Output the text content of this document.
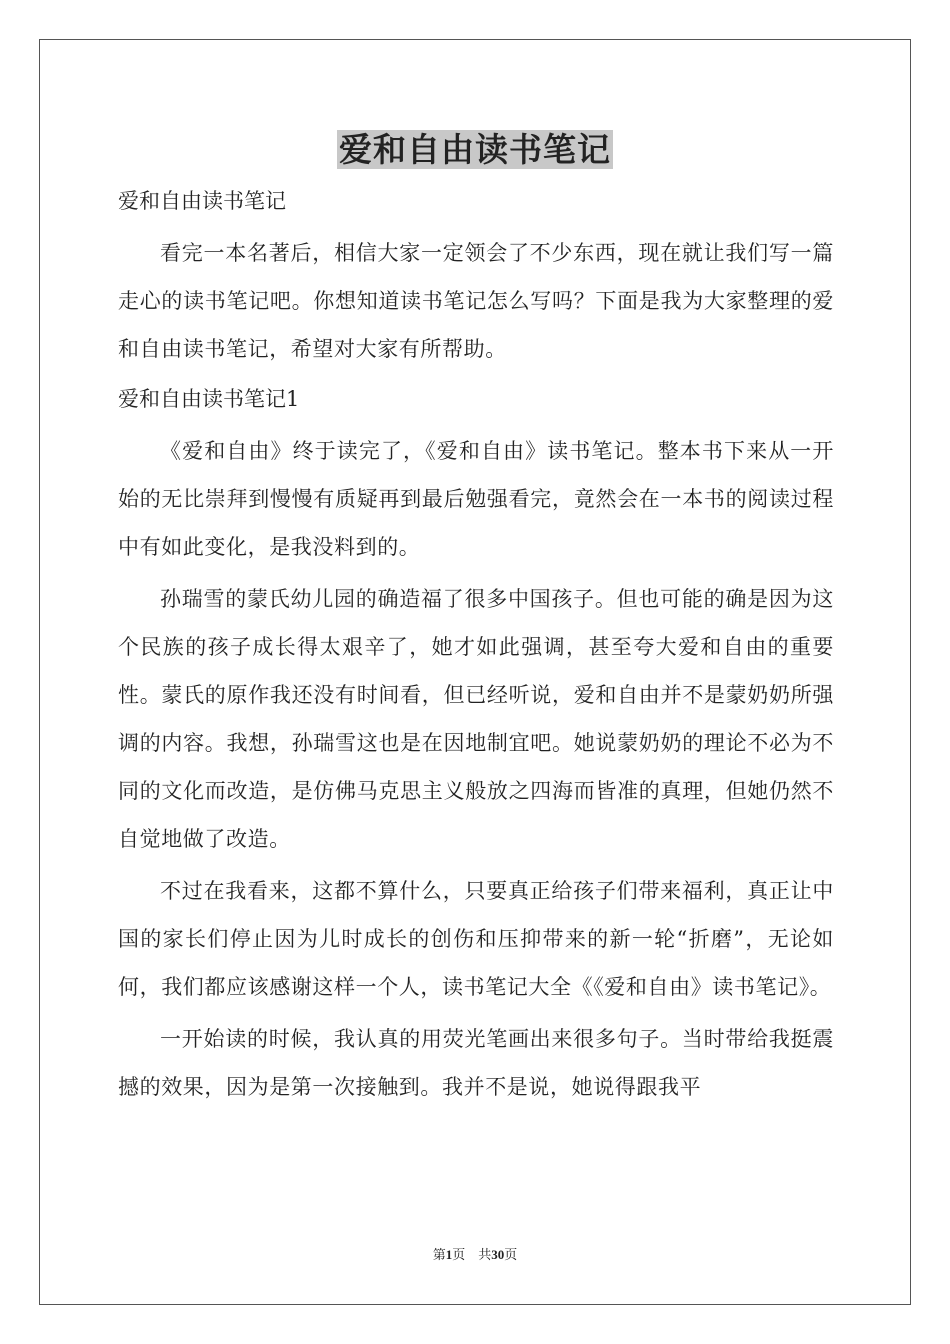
爱和自由读书笔记

爱和自由读书笔记

看完一本名著后，相信大家一定领会了不少东西，现在就让我们写一篇走心的读书笔记吧。你想知道读书笔记怎么写吗？下面是我为大家整理的爱和自由读书笔记，希望对大家有所帮助。

爱和自由读书笔记1

《爱和自由》终于读完了，《爱和自由》读书笔记。整本书下来从一开始的无比崇拜到慢慢有质疑再到最后勉强看完，竟然会在一本书的阅读过程中有如此变化，是我没料到的。

孙瑞雪的蒙氏幼儿园的确造福了很多中国孩子。但也可能的确是因为这个民族的孩子成长得太艰辛了，她才如此强调，甚至夸大爱和自由的重要性。蒙氏的原作我还没有时间看，但已经听说，爱和自由并不是蒙奶奶所强调的内容。我想，孙瑞雪这也是在因地制宜吧。她说蒙奶奶的理论不必为不同的文化而改造，是仿佛马克思主义般放之四海而皆准的真理，但她仍然不自觉地做了改造。

不过在我看来，这都不算什么，只要真正给孩子们带来福利，真正让中国的家长们停止因为儿时成长的创伤和压抑带来的新一轮“折磨”，无论如何，我们都应该感谢这样一个人，读书笔记大全《《爱和自由》读书笔记》。

一开始读的时候，我认真的用荧光笔画出来很多句子。当时带给我挺震撼的效果，因为是第一次接触到。我并不是说，她说得跟我平

第1页　共30页
